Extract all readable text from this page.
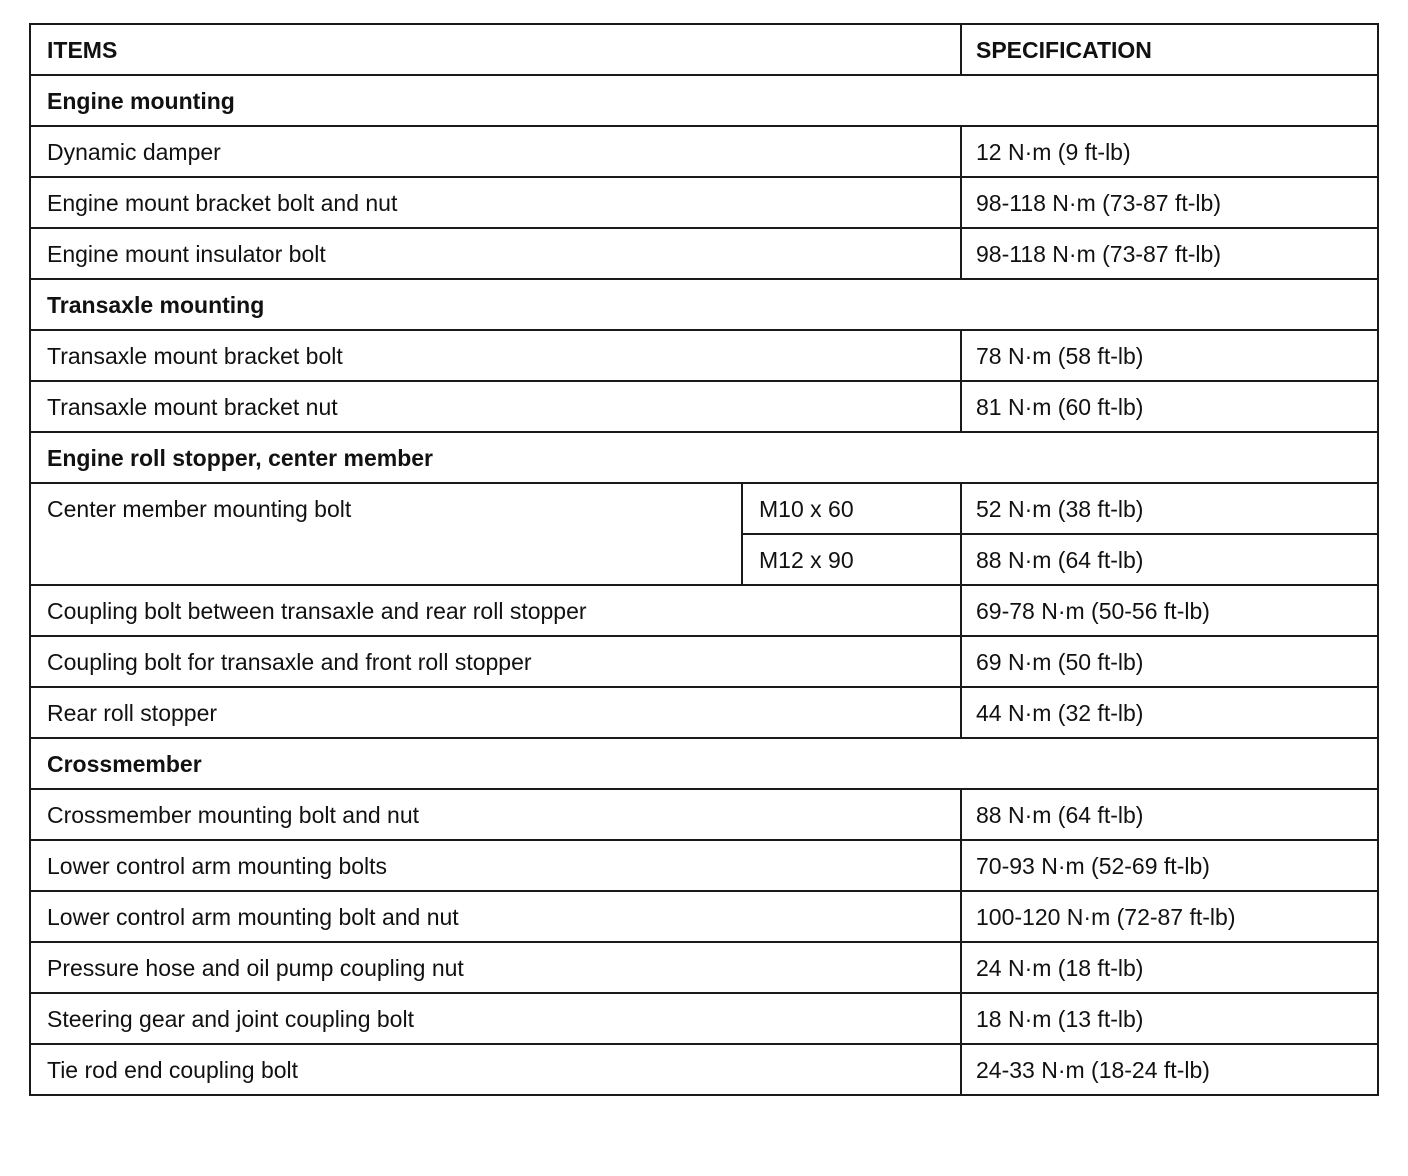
ITEMS		SPECIFICATION
Engine mounting		
Dynamic damper		12 N·m (9 ft-lb)
Engine mount bracket bolt and nut		98-118 N·m (73-87 ft-lb)
Engine mount insulator bolt		98-118 N·m (73-87 ft-lb)
Transaxle mounting		
Transaxle mount bracket bolt		78 N·m (58 ft-lb)
Transaxle mount bracket nut		81 N·m (60 ft-lb)
Engine roll stopper, center member		
Center member mounting bolt	M10 x 60	52 N·m (38 ft-lb)
	M12 x 90	88 N·m (64 ft-lb)
Coupling bolt between transaxle and rear roll stopper		69-78 N·m (50-56 ft-lb)
Coupling bolt for transaxle and front roll stopper		69 N·m (50 ft-lb)
Rear roll stopper		44 N·m (32 ft-lb)
Crossmember		
Crossmember mounting bolt and nut		88 N·m (64 ft-lb)
Lower control arm mounting bolts		70-93 N·m (52-69 ft-lb)
Lower control arm mounting bolt and nut		100-120 N·m (72-87 ft-lb)
Pressure hose and oil pump coupling nut		24 N·m (18 ft-lb)
Steering gear and joint coupling bolt		18 N·m (13 ft-lb)
Tie rod end coupling bolt		24-33 N·m (18-24 ft-lb)
